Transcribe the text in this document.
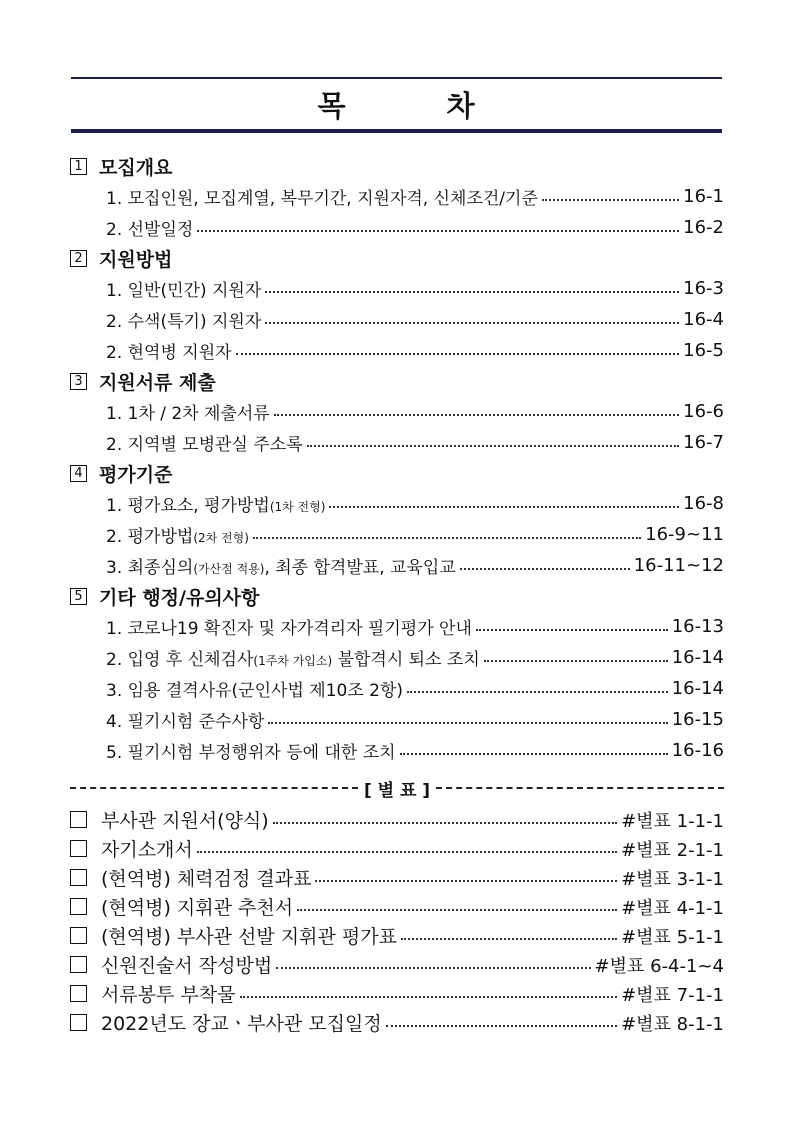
목	차
1 모집개요
1. 모집인원, 모집계열, 복무기간, 지원자격, 신체조건/기준	16-1
2. 선발일정	16-2
2 지원방법
1. 일반(민간) 지원자	16-3
2. 수색(특기) 지원자	16-4
2. 현역병 지원자	16-5
3 지원서류 제출
1. 1차 / 2차 제출서류	16-6
2. 지역별 모병관실 주소록	16-7
4 평가기준
1. 평가요소, 평가방법(1차 전형)	16-8
2. 평가방법(2차 전형)	16-9~11
3. 최종심의(가산점 적용), 최종 합격발표, 교육입교	16-11~12
5 기타 행정/유의사항
1. 코로나19 확진자 및 자가격리자 필기평가 안내	16-13
2. 입영 후 신체검사(1주차 가입소) 불합격시 퇴소 조치	16-14
3. 임용 결격사유(군인사법 제10조 2항)	16-14
4. 필기시험 준수사항	16-15
5. 필기시험 부정행위자 등에 대한 조치	16-16
[ 별 표 ]
부사관 지원서(양식)	#별표 1-1-1
자기소개서	#별표 2-1-1
(현역병) 체력검정 결과표	#별표 3-1-1
(현역병) 지휘관 추천서	#별표 4-1-1
(현역병) 부사관 선발 지휘관 평가표	#별표 5-1-1
신원진술서 작성방법	#별표 6-4-1~4
서류봉투 부착물	#별표 7-1-1
2022년도 장교ㆍ부사관 모집일정	#별표 8-1-1
